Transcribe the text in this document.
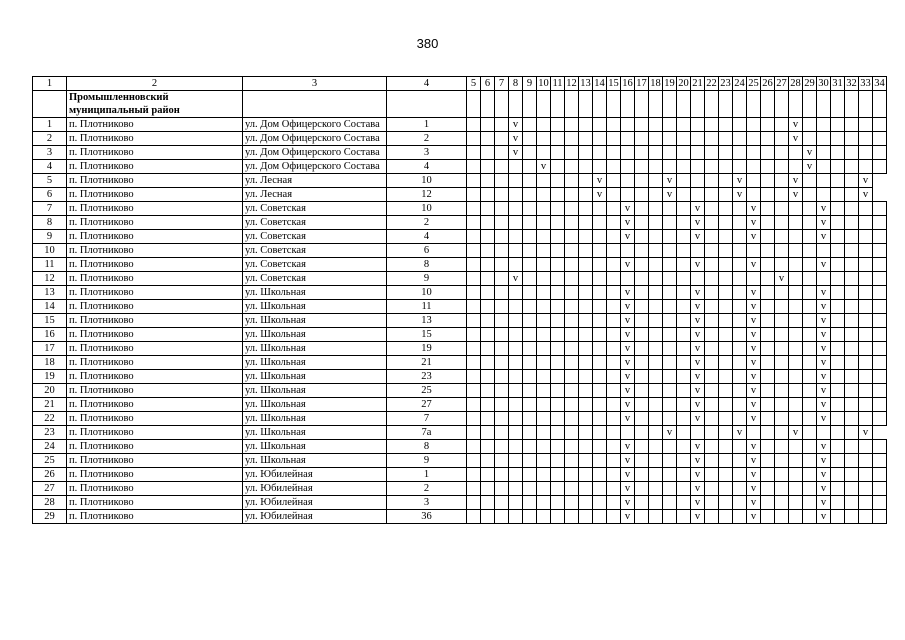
380
1	2	3	4	5	6	7	8	9	10	11	12	13	14	15	16	17	18	19	20	21	22	23	24	25	26	27	28	29	30	31	32	33	34
	Промышленновский муниципальный район																																
1	п. Плотниково	ул. Дом Офицерского Состава	1				v																				v						
2	п. Плотниково	ул. Дом Офицерского Состава	2				v																				v						
3	п. Плотниково	ул. Дом Офицерского Состава	3				v																					v					
4	п. Плотниково	ул. Дом Офицерского Состава	4						v																			v					
5	п. Плотниково	ул. Лесная	10										v					v					v				v					v	
6	п. Плотниково	ул. Лесная	12										v					v					v				v					v	
7	п. Плотниково	ул. Советская	10												v					v				v					v				
8	п. Плотниково	ул. Советская	2												v					v				v					v				
9	п. Плотниково	ул. Советская	4												v					v				v					v				
10	п. Плотниково	ул. Советская	6																														
11	п. Плотниково	ул. Советская	8												v					v				v					v				
12	п. Плотниково	ул. Советская	9				v																			v							
13	п. Плотниково	ул. Школьная	10												v					v				v					v				
14	п. Плотниково	ул. Школьная	11												v					v				v					v				
15	п. Плотниково	ул. Школьная	13												v					v				v					v				
16	п. Плотниково	ул. Школьная	15												v					v				v					v				
17	п. Плотниково	ул. Школьная	19												v					v				v					v				
18	п. Плотниково	ул. Школьная	21												v					v				v					v				
19	п. Плотниково	ул. Школьная	23												v					v				v					v				
20	п. Плотниково	ул. Школьная	25												v					v				v					v				
21	п. Плотниково	ул. Школьная	27												v					v				v					v				
22	п. Плотниково	ул. Школьная	7												v					v				v					v				
23	п. Плотниково	ул. Школьная	7а															v					v				v					v	
24	п. Плотниково	ул. Школьная	8												v					v				v					v				
25	п. Плотниково	ул. Школьная	9												v					v				v					v				
26	п. Плотниково	ул. Юбилейная	1												v					v				v					v				
27	п. Плотниково	ул. Юбилейная	2												v					v				v					v				
28	п. Плотниково	ул. Юбилейная	3												v					v				v					v				
29	п. Плотниково	ул. Юбилейная	36												v					v				v					v				
